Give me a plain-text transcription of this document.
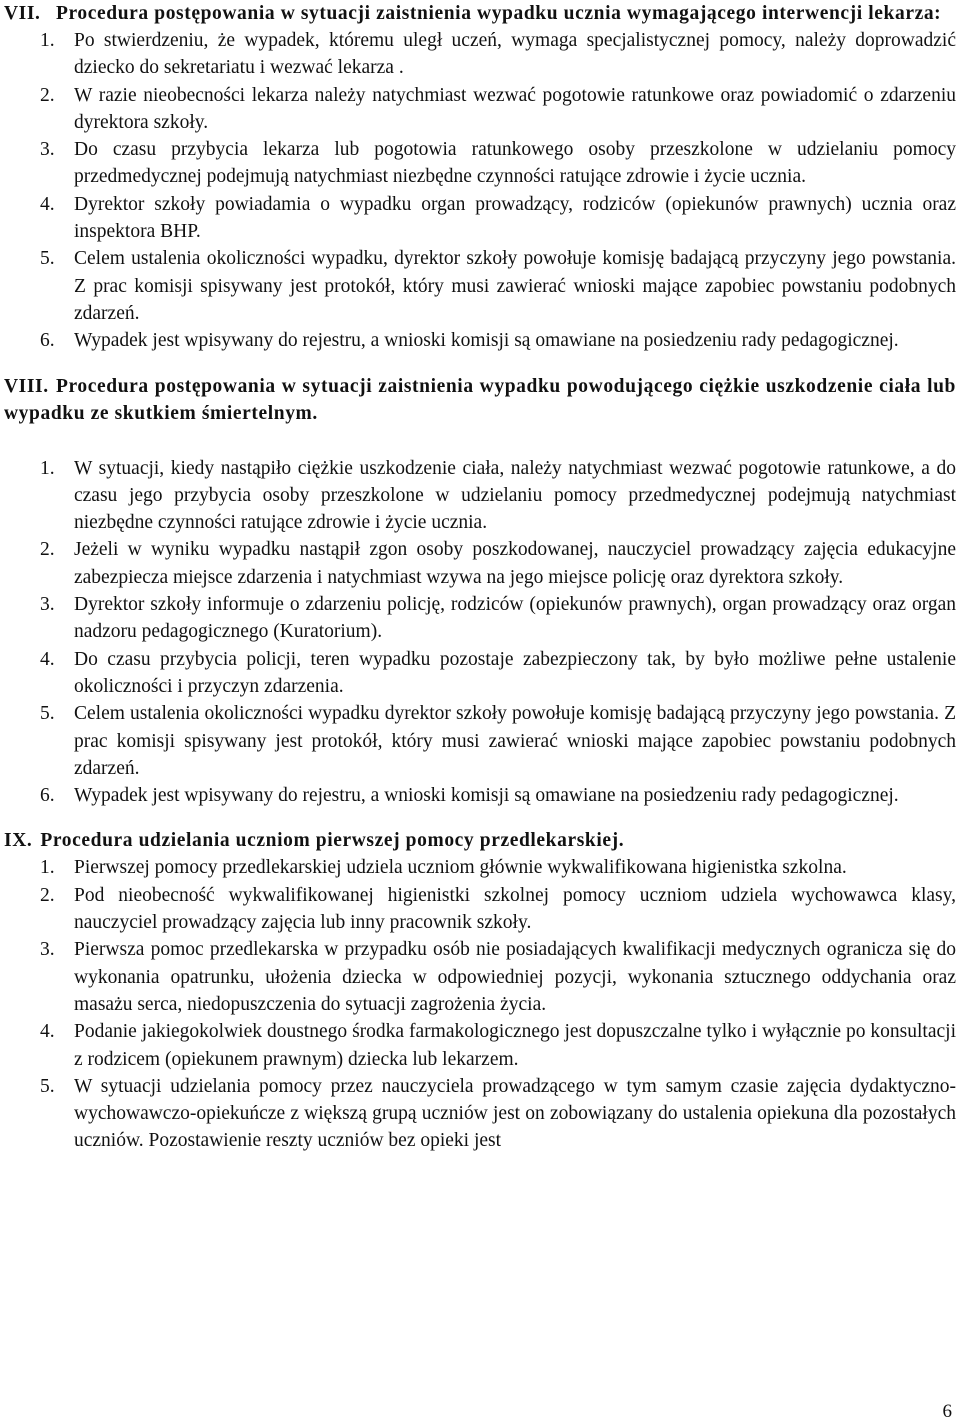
VII. Procedura postępowania w sytuacji zaistnienia wypadku ucznia wymagającego interwencji lekarza:
1. Po stwierdzeniu, że wypadek, któremu uległ uczeń, wymaga specjalistycznej pomocy, należy doprowadzić dziecko do sekretariatu i wezwać lekarza .
2. W razie nieobecności lekarza należy natychmiast wezwać pogotowie ratunkowe oraz powiadomić o zdarzeniu dyrektora szkoły.
3. Do czasu przybycia lekarza lub pogotowia ratunkowego osoby przeszkolone w udzielaniu pomocy przedmedycznej podejmują natychmiast niezbędne czynności ratujące zdrowie i życie ucznia.
4. Dyrektor szkoły powiadamia o wypadku organ prowadzący, rodziców (opiekunów prawnych) ucznia oraz inspektora BHP.
5. Celem ustalenia okoliczności wypadku, dyrektor szkoły powołuje komisję badającą przyczyny jego powstania. Z prac komisji spisywany jest protokół, który musi zawierać wnioski mające zapobiec powstaniu podobnych zdarzeń.
6. Wypadek jest wpisywany do rejestru, a wnioski komisji są omawiane na posiedzeniu rady pedagogicznej.
VIII. Procedura postępowania w sytuacji zaistnienia wypadku powodującego ciężkie uszkodzenie ciała lub wypadku ze skutkiem śmiertelnym.
1. W sytuacji, kiedy nastąpiło ciężkie uszkodzenie ciała, należy natychmiast wezwać pogotowie ratunkowe, a do czasu jego przybycia osoby przeszkolone w udzielaniu pomocy przedmedycznej podejmują natychmiast niezbędne czynności ratujące zdrowie i życie ucznia.
2. Jeżeli w wyniku wypadku nastąpił zgon osoby poszkodowanej, nauczyciel prowadzący zajęcia edukacyjne zabezpiecza miejsce zdarzenia i natychmiast wzywa na jego miejsce policję oraz dyrektora szkoły.
3. Dyrektor szkoły informuje o zdarzeniu policję, rodziców (opiekunów prawnych), organ prowadzący oraz organ nadzoru pedagogicznego (Kuratorium).
4. Do czasu przybycia policji, teren wypadku pozostaje zabezpieczony tak, by było możliwe pełne ustalenie okoliczności i przyczyn zdarzenia.
5. Celem ustalenia okoliczności wypadku dyrektor szkoły powołuje komisję badającą przyczyny jego powstania. Z prac komisji spisywany jest protokół, który musi zawierać wnioski mające zapobiec powstaniu podobnych zdarzeń.
6. Wypadek jest wpisywany do rejestru, a wnioski komisji są omawiane na posiedzeniu rady pedagogicznej.
IX. Procedura udzielania uczniom pierwszej pomocy przedlekarskiej.
1. Pierwszej pomocy przedlekarskiej udziela uczniom głównie wykwalifikowana higienistka szkolna.
2. Pod nieobecność wykwalifikowanej higienistki szkolnej pomocy uczniom udziela wychowawca klasy, nauczyciel prowadzący zajęcia lub inny pracownik szkoły.
3. Pierwsza pomoc przedlekarska w przypadku osób nie posiadających kwalifikacji medycznych ogranicza się do wykonania opatrunku, ułożenia dziecka w odpowiedniej pozycji, wykonania sztucznego oddychania oraz masażu serca, niedopuszczenia do sytuacji zagrożenia życia.
4. Podanie jakiegokolwiek doustnego środka farmakologicznego jest dopuszczalne tylko i wyłącznie po konsultacji z rodzicem (opiekunem prawnym) dziecka lub lekarzem.
5. W sytuacji udzielania pomocy przez nauczyciela prowadzącego w tym samym czasie zajęcia dydaktyczno-wychowawczo-opiekuńcze z większą grupą uczniów jest on zobowiązany do ustalenia opiekuna dla pozostałych uczniów. Pozostawienie reszty uczniów bez opieki jest
6
